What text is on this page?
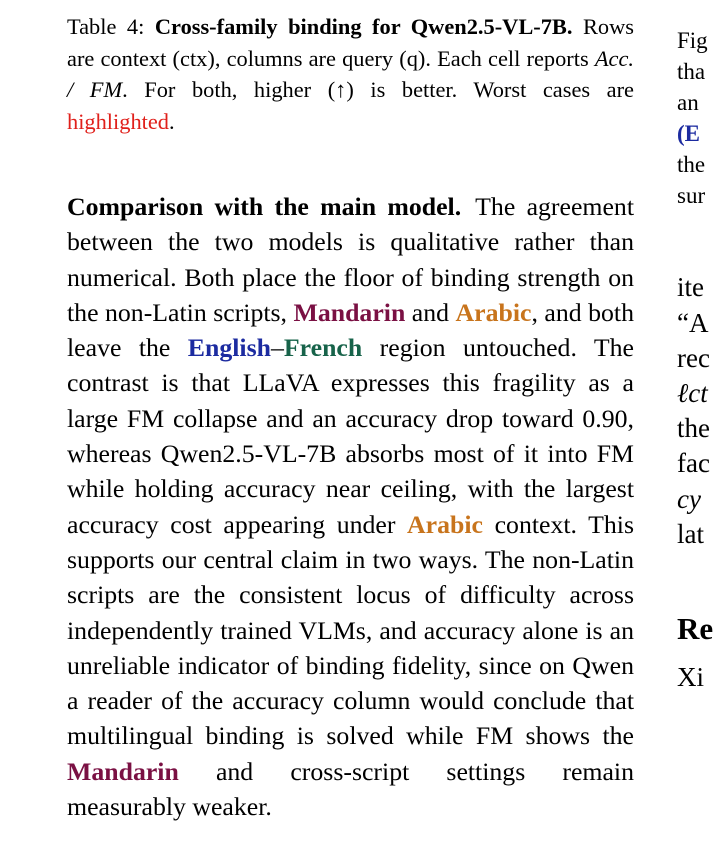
Table 4: Cross-family binding for Qwen2.5-VL-7B. Rows are context (ctx), columns are query (q). Each cell reports Acc. / FM. For both, higher (↑) is better. Worst cases are highlighted.
Comparison with the main model. The agreement between the two models is qualitative rather than numerical. Both place the floor of binding strength on the non-Latin scripts, Mandarin and Arabic, and both leave the English–French region untouched. The contrast is that LLaVA expresses this fragility as a large FM collapse and an accuracy drop toward 0.90, whereas Qwen2.5-VL-7B absorbs most of it into FM while holding accuracy near ceiling, with the largest accuracy cost appearing under Arabic context. This supports our central claim in two ways. The non-Latin scripts are the consistent locus of difficulty across independently trained VLMs, and accuracy alone is an unreliable indicator of binding fidelity, since on Qwen a reader of the accuracy column would conclude that multilingual binding is solved while FM shows the Mandarin and cross-script settings remain measurably weaker.
Fig
tha
an
(E
the
sur
ite
“A
rec
ℓct
the
fac
cy
lat
Re
Xi
